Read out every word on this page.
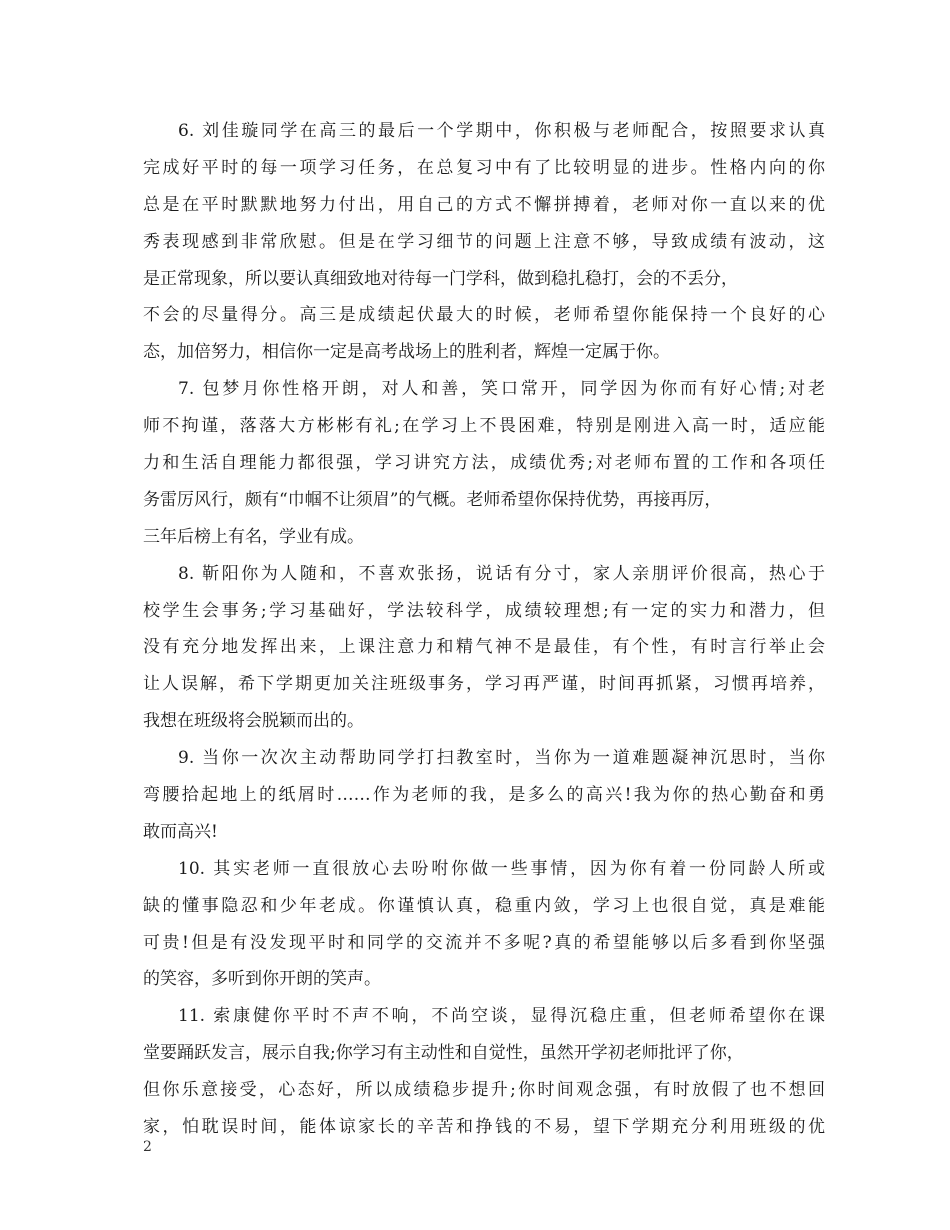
6. 刘佳璇同学在高三的最后一个学期中，你积极与老师配合，按照要求认真
完成好平时的每一项学习任务，在总复习中有了比较明显的进步。性格内向的你
总是在平时默默地努力付出，用自己的方式不懈拼搏着，老师对你一直以来的优
秀表现感到非常欣慰。但是在学习细节的问题上注意不够，导致成绩有波动，这
是正常现象，所以要认真细致地对待每一门学科，做到稳扎稳打，会的不丢分，
不会的尽量得分。高三是成绩起伏最大的时候，老师希望你能保持一个良好的心
态，加倍努力，相信你一定是高考战场上的胜利者，辉煌一定属于你。
7. 包梦月你性格开朗，对人和善，笑口常开，同学因为你而有好心情;对老
师不拘谨，落落大方彬彬有礼;在学习上不畏困难，特别是刚进入高一时，适应能
力和生活自理能力都很强，学习讲究方法，成绩优秀;对老师布置的工作和各项任
务雷厉风行，颇有“巾帼不让须眉”的气概。老师希望你保持优势，再接再厉，
三年后榜上有名，学业有成。
8. 靳阳你为人随和，不喜欢张扬，说话有分寸，家人亲朋评价很高，热心于
校学生会事务;学习基础好，学法较科学，成绩较理想;有一定的实力和潜力，但
没有充分地发挥出来，上课注意力和精气神不是最佳，有个性，有时言行举止会
让人误解，希下学期更加关注班级事务，学习再严谨，时间再抓紧，习惯再培养，
我想在班级将会脱颖而出的。
9. 当你一次次主动帮助同学打扫教室时，当你为一道难题凝神沉思时，当你
弯腰拾起地上的纸屑时……作为老师的我，是多么的高兴!我为你的热心勤奋和勇
敢而高兴!
10. 其实老师一直很放心去吩咐你做一些事情，因为你有着一份同龄人所或
缺的懂事隐忍和少年老成。你谨慎认真，稳重内敛，学习上也很自觉，真是难能
可贵!但是有没发现平时和同学的交流并不多呢?真的希望能够以后多看到你坚强
的笑容，多听到你开朗的笑声。
11. 索康健你平时不声不响，不尚空谈，显得沉稳庄重，但老师希望你在课
堂要踊跃发言，展示自我;你学习有主动性和自觉性，虽然开学初老师批评了你，
但你乐意接受，心态好，所以成绩稳步提升;你时间观念强，有时放假了也不想回
家，怕耽误时间，能体谅家长的辛苦和挣钱的不易，望下学期充分利用班级的优
2
